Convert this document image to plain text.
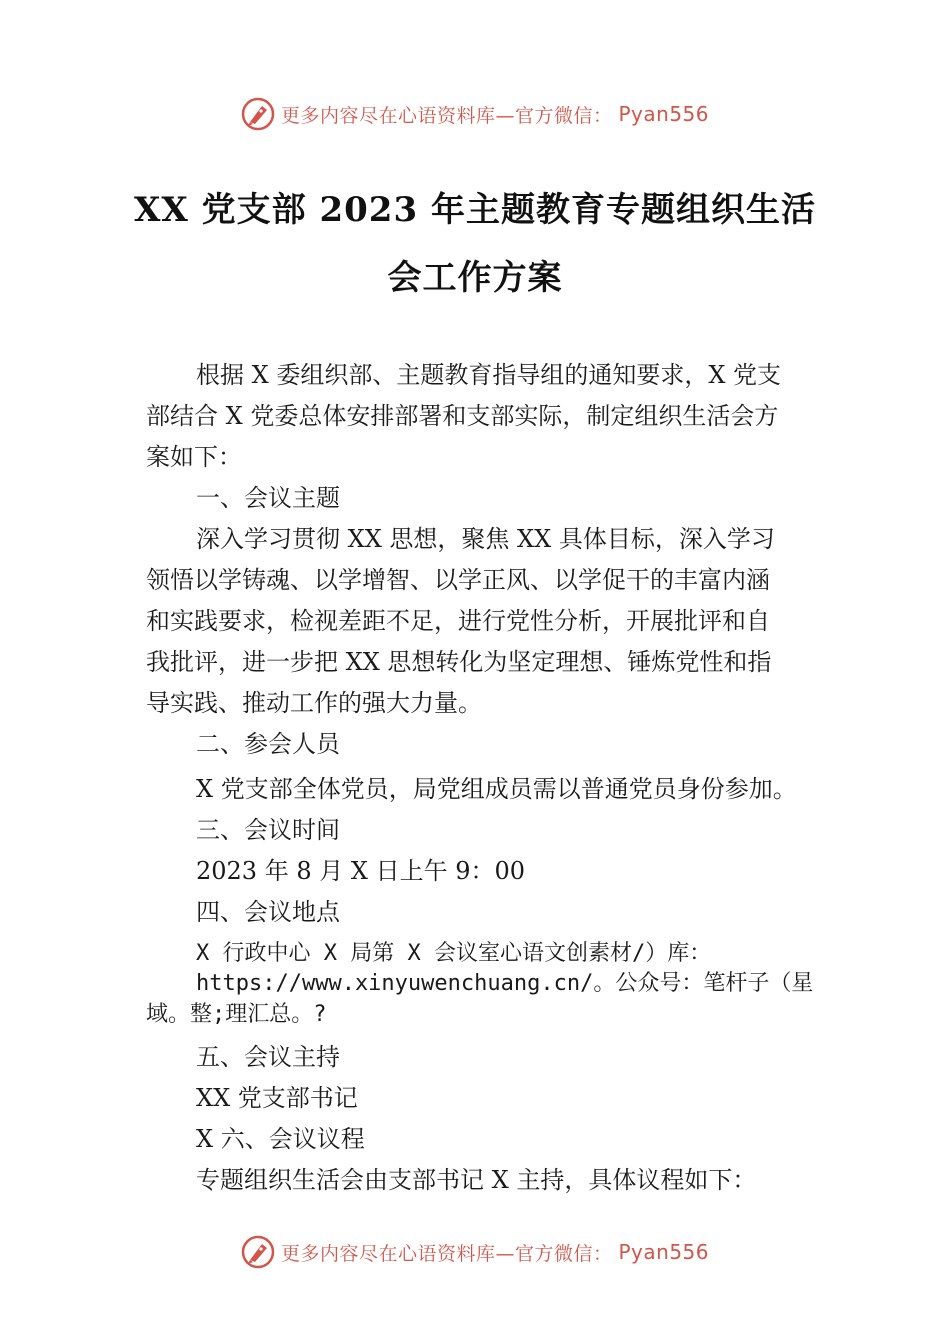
更多内容尽在心语资料库—官方微信： Pyan556
XX 党支部 2023 年主题教育专题组织生活
会工作方案

根据 X 委组织部、主题教育指导组的通知要求，X 党支

部结合 X 党委总体安排部署和支部实际，制定组织生活会方

案如下：

一、会议主题

深入学习贯彻 XX 思想，聚焦 XX 具体目标，深入学习

领悟以学铸魂、以学增智、以学正风、以学促干的丰富内涵

和实践要求，检视差距不足，进行党性分析，开展批评和自

我批评，进一步把 XX 思想转化为坚定理想、锤炼党性和指

导实践、推动工作的强大力量。

二、参会人员

X 党支部全体党员，局党组成员需以普通党员身份参加。

三、会议时间

2023 年 8 月 X 日上午 9：00

四、会议地点

X 行政中心 X 局第 X 会议室心语文创素材/）库：

https://www.xinyuwenchuang.cn/。公众号：笔杆子（星

域。整;理汇总。?

五、会议主持

XX 党支部书记

X 六、会议议程

专题组织生活会由支部书记 X 主持，具体议程如下：

更多内容尽在心语资料库—官方微信： Pyan556
